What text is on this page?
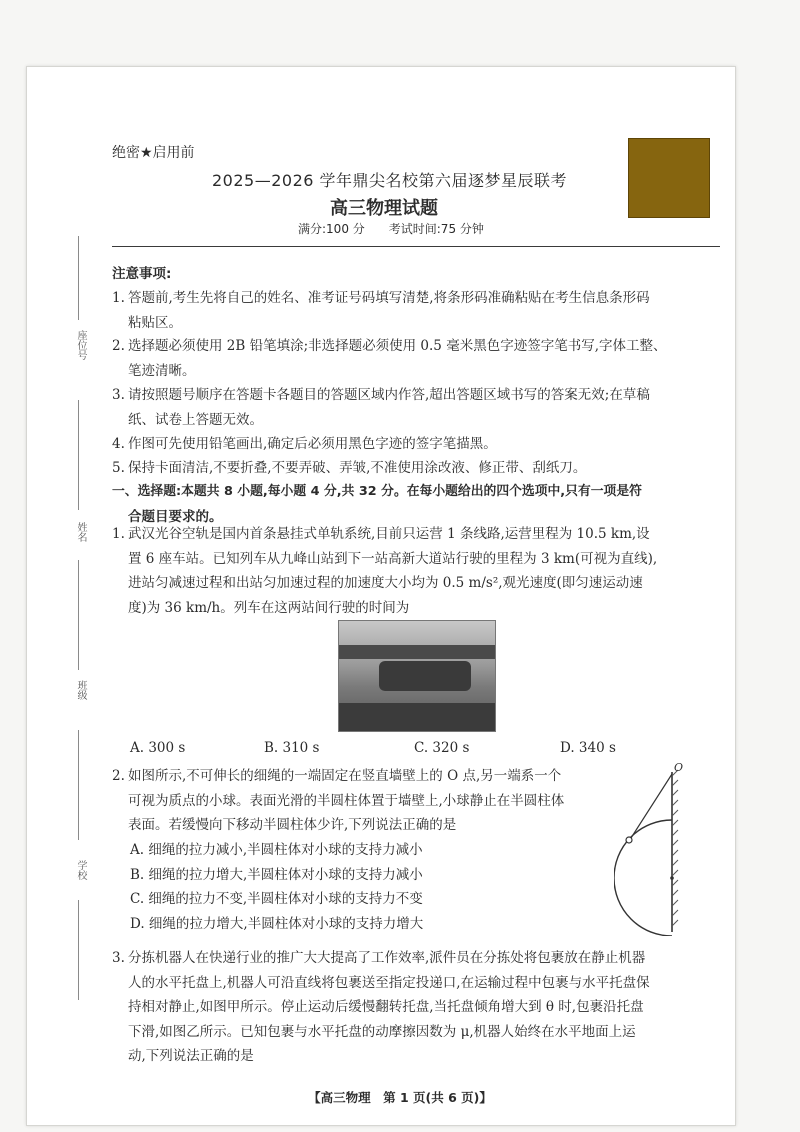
绝密★启用前
2025—2026 学年鼎尖名校第六届逐梦星辰联考
高三物理试题
满分:100 分　　考试时间:75 分钟
座位号
姓名
班级
学校
注意事项:
1. 答题前,考生先将自己的姓名、准考证号码填写清楚,将条形码准确粘贴在考生信息条形码
粘贴区。
2. 选择题必须使用 2B 铅笔填涂;非选择题必须使用 0.5 毫米黑色字迹签字笔书写,字体工整、
笔迹清晰。
3. 请按照题号顺序在答题卡各题目的答题区域内作答,超出答题区域书写的答案无效;在草稿
纸、试卷上答题无效。
4. 作图可先使用铅笔画出,确定后必须用黑色字迹的签字笔描黑。
5. 保持卡面清洁,不要折叠,不要弄破、弄皱,不准使用涂改液、修正带、刮纸刀。
一、选择题:本题共 8 小题,每小题 4 分,共 32 分。在每小题给出的四个选项中,只有一项是符
合题目要求的。
1. 武汉光谷空轨是国内首条悬挂式单轨系统,目前只运营 1 条线路,运营里程为 10.5 km,设
置 6 座车站。已知列车从九峰山站到下一站高新大道站行驶的里程为 3 km(可视为直线),
进站匀减速过程和出站匀加速过程的加速度大小均为 0.5 m/s²,观光速度(即匀速运动速
度)为 36 km/h。列车在这两站间行驶的时间为
A. 300 s	B. 310 s	C. 320 s	D. 340 s
2. 如图所示,不可伸长的细绳的一端固定在竖直墙壁上的 O 点,另一端系一个
可视为质点的小球。表面光滑的半圆柱体置于墙壁上,小球静止在半圆柱体
表面。若缓慢向下移动半圆柱体少许,下列说法正确的是
A. 细绳的拉力减小,半圆柱体对小球的支持力减小
B. 细绳的拉力增大,半圆柱体对小球的支持力减小
C. 细绳的拉力不变,半圆柱体对小球的支持力不变
D. 细绳的拉力增大,半圆柱体对小球的支持力增大
O
3. 分拣机器人在快递行业的推广大大提高了工作效率,派件员在分拣处将包裹放在静止机器
人的水平托盘上,机器人可沿直线将包裹送至指定投递口,在运输过程中包裹与水平托盘保
持相对静止,如图甲所示。停止运动后缓慢翻转托盘,当托盘倾角增大到 θ 时,包裹沿托盘
下滑,如图乙所示。已知包裹与水平托盘的动摩擦因数为 μ,机器人始终在水平地面上运
动,下列说法正确的是
【高三物理　第 1 页(共 6 页)】
